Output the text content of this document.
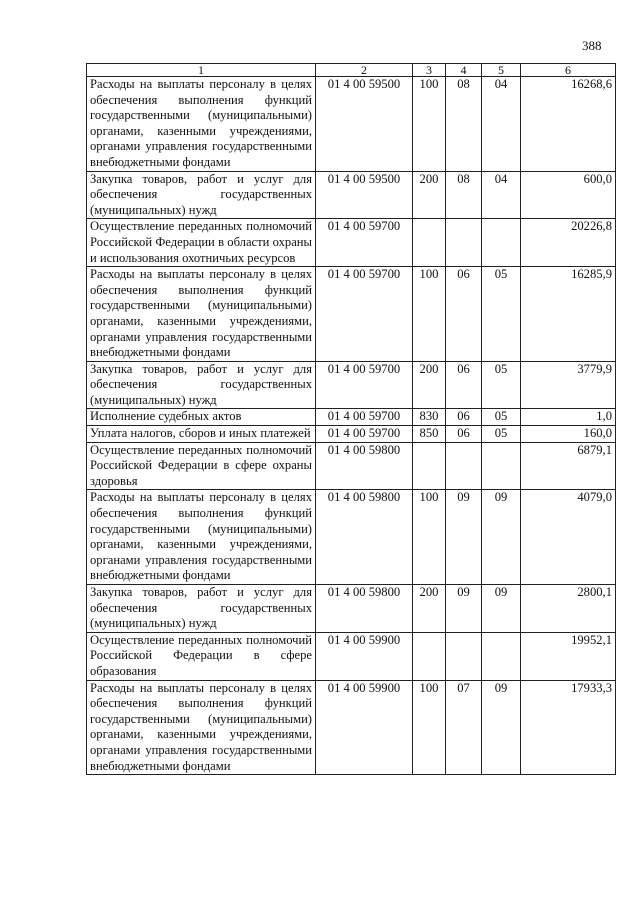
388
1	2	3	4	5	6
Расходы на выплаты персоналу в целях обеспечения выполнения функций государственными (муниципальными) органами, казенными учреждениями, органами управления государственными внебюджетными фондами	01 4 00 59500	100	08	04	16268,6
Закупка товаров, работ и услуг для обеспечения государственных (муниципальных) нужд	01 4 00 59500	200	08	04	600,0
Осуществление переданных полномочий Российской Федерации в области охраны и использования охотничьих ресурсов	01 4 00 59700				20226,8
Расходы на выплаты персоналу в целях обеспечения выполнения функций государственными (муниципальными) органами, казенными учреждениями, органами управления государственными внебюджетными фондами	01 4 00 59700	100	06	05	16285,9
Закупка товаров, работ и услуг для обеспечения государственных (муниципальных) нужд	01 4 00 59700	200	06	05	3779,9
Исполнение судебных актов	01 4 00 59700	830	06	05	1,0
Уплата налогов, сборов и иных платежей	01 4 00 59700	850	06	05	160,0
Осуществление переданных полномочий Российской Федерации в сфере охраны здоровья	01 4 00 59800				6879,1
Расходы на выплаты персоналу в целях обеспечения выполнения функций государственными (муниципальными) органами, казенными учреждениями, органами управления государственными внебюджетными фондами	01 4 00 59800	100	09	09	4079,0
Закупка товаров, работ и услуг для обеспечения государственных (муниципальных) нужд	01 4 00 59800	200	09	09	2800,1
Осуществление переданных полномочий Российской Федерации в сфере образования	01 4 00 59900				19952,1
Расходы на выплаты персоналу в целях обеспечения выполнения функций государственными (муниципальными) органами, казенными учреждениями, органами управления государственными внебюджетными фондами	01 4 00 59900	100	07	09	17933,3
